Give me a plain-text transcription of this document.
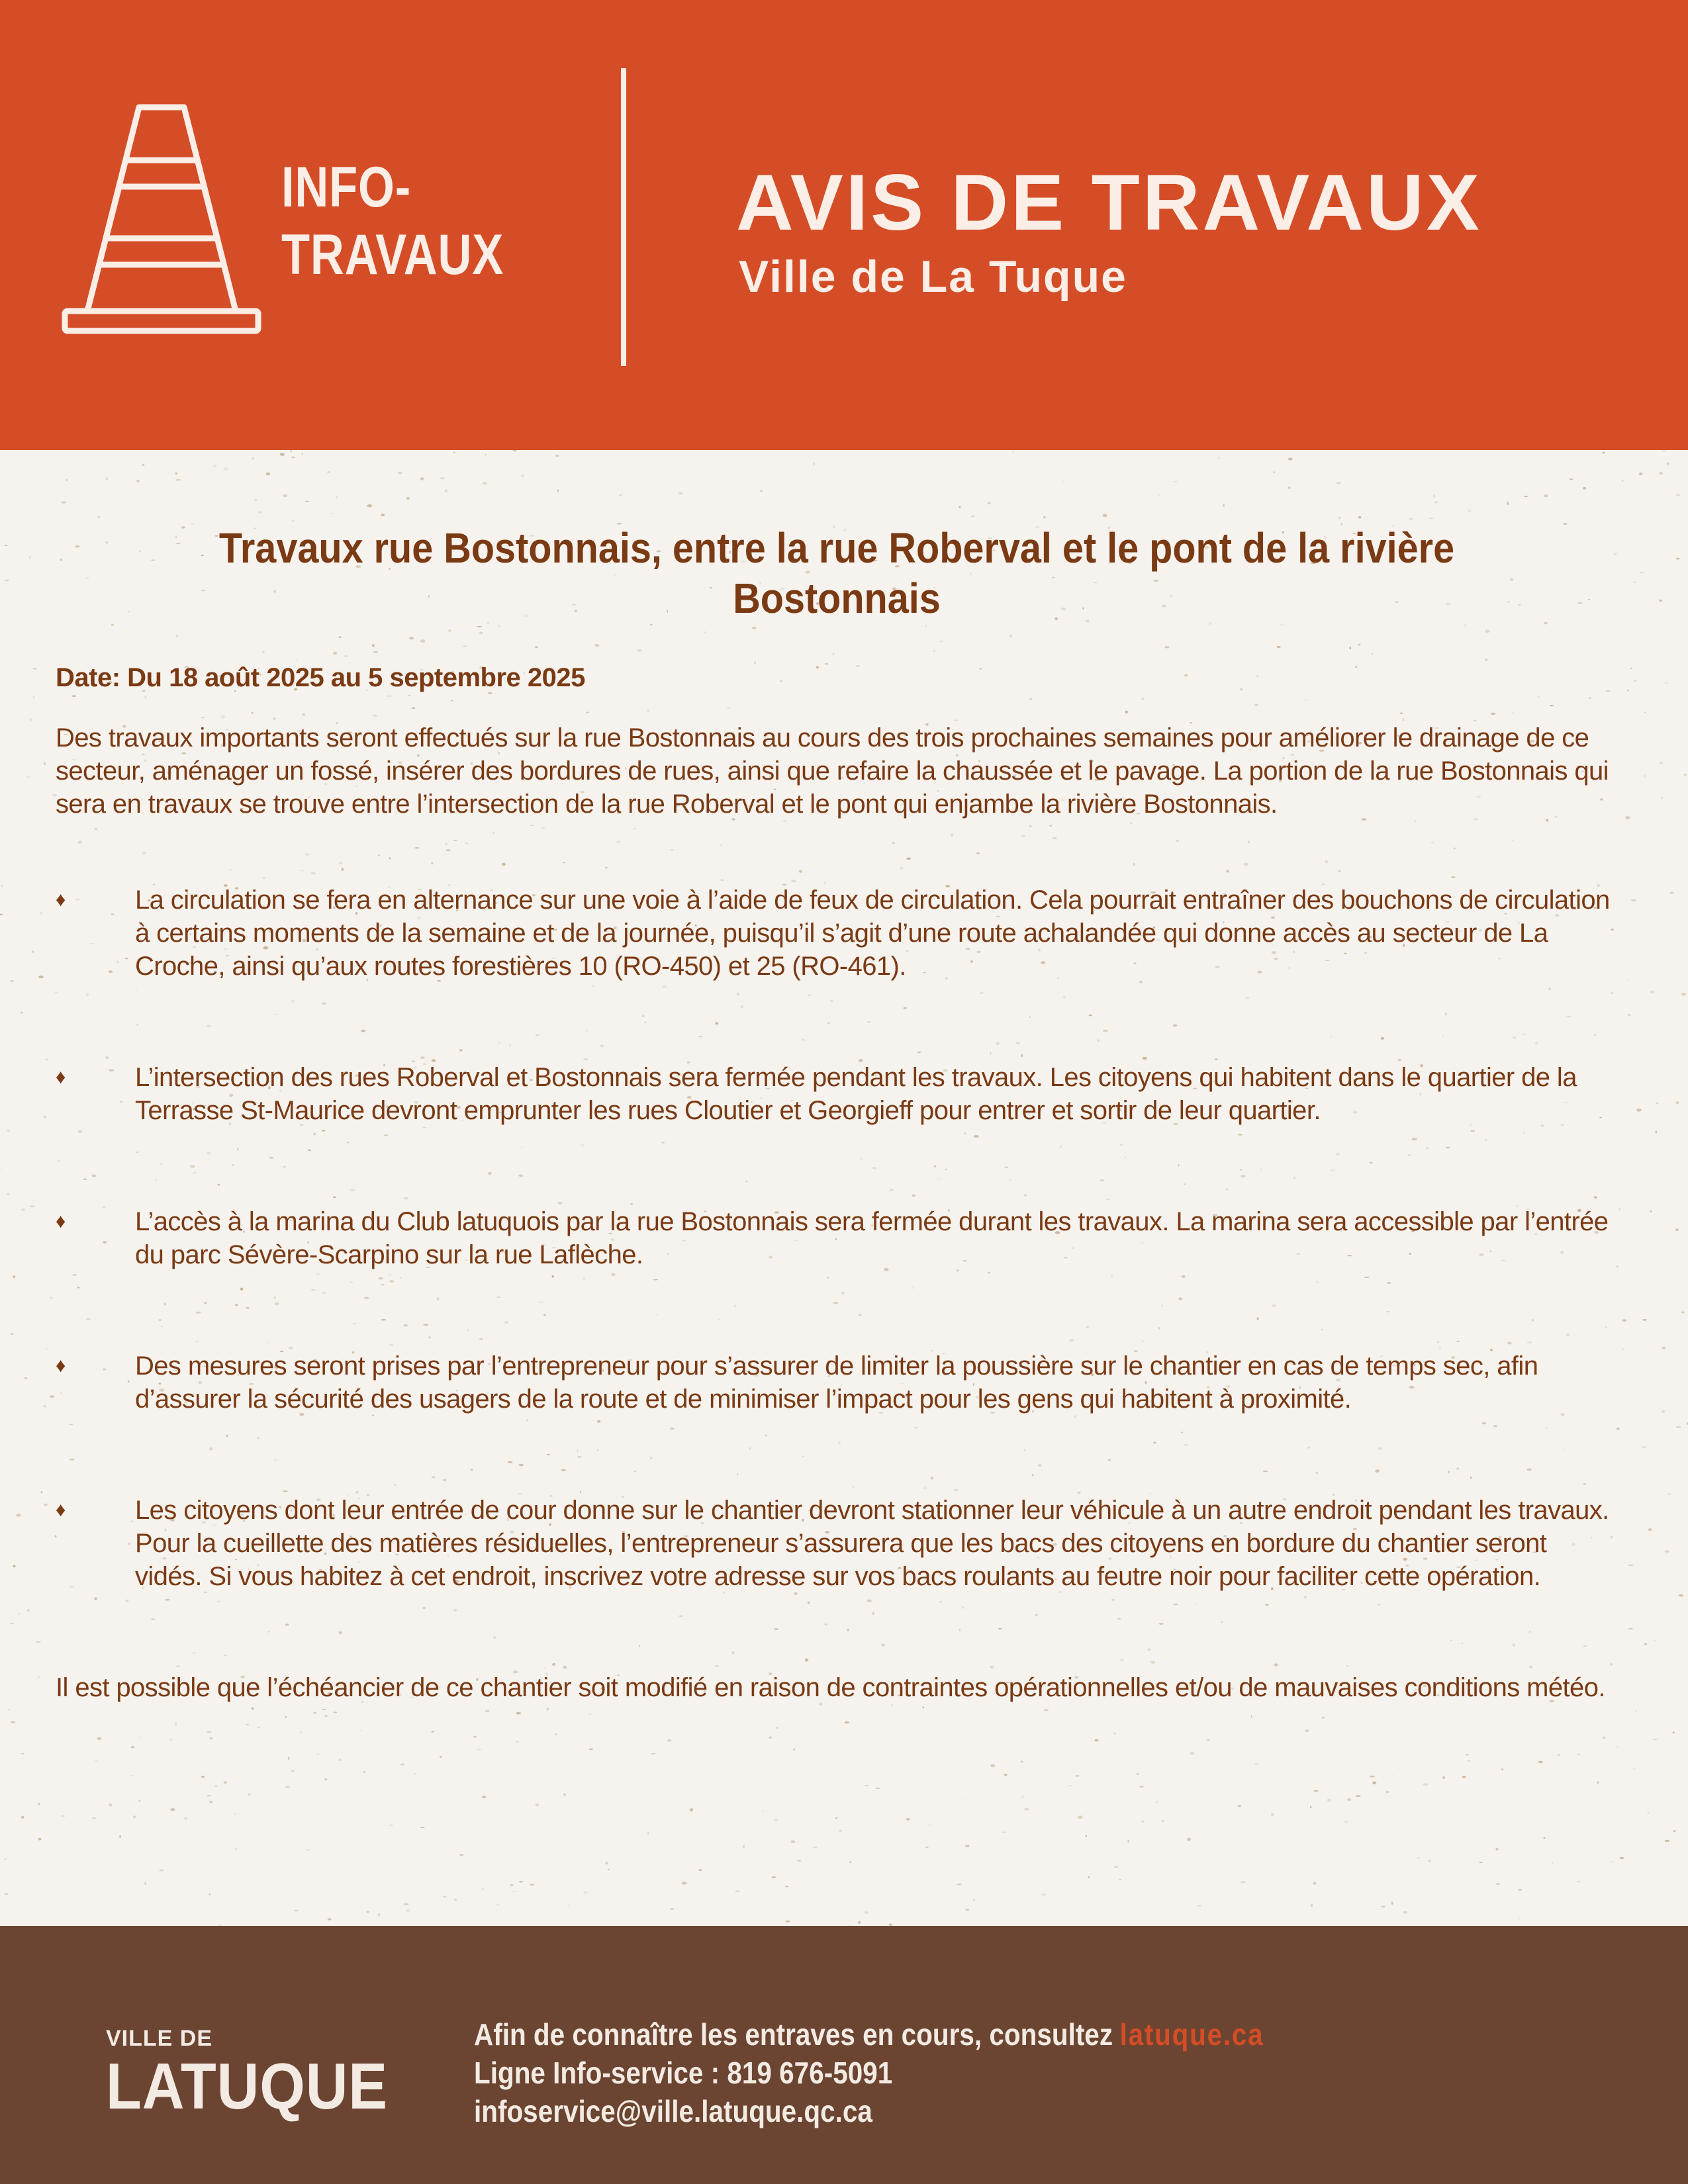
INFO-
TRAVAUX
AVIS DE TRAVAUX
Ville de La Tuque
Travaux rue Bostonnais, entre la rue Roberval et le pont de la rivière Bostonnais
Date: Du 18 août 2025 au 5 septembre 2025

Des travaux importants seront effectués sur la rue Bostonnais au cours des trois prochaines semaines pour améliorer le drainage de ce secteur, aménager un fossé, insérer des bordures de rues, ainsi que refaire la chaussée et le pavage. La portion de la rue Bostonnais qui sera en travaux se trouve entre l’intersection de la rue Roberval et le pont qui enjambe la rivière Bostonnais.

♦	La circulation se fera en alternance sur une voie à l’aide de feux de circulation. Cela pourrait entraîner des bouchons de circulation à certains moments de la semaine et de la journée, puisqu’il s’agit d’une route achalandée qui donne accès au secteur de La Croche, ainsi qu’aux routes forestières 10 (RO-450) et 25 (RO-461).
♦	L’intersection des rues Roberval et Bostonnais sera fermée pendant les travaux. Les citoyens qui habitent dans le quartier de la Terrasse St-Maurice devront emprunter les rues Cloutier et Georgieff pour entrer et sortir de leur quartier.
♦	L’accès à la marina du Club latuquois par la rue Bostonnais sera fermée durant les travaux. La marina sera accessible par l’entrée du parc Sévère-Scarpino sur la rue Laflèche.
♦	Des mesures seront prises par l’entrepreneur pour s’assurer de limiter la poussière sur le chantier en cas de temps sec, afin d’assurer la sécurité des usagers de la route et de minimiser l’impact pour les gens qui habitent à proximité.
♦	Les citoyens dont leur entrée de cour donne sur le chantier devront stationner leur véhicule à un autre endroit pendant les travaux. Pour la cueillette des matières résiduelles, l’entrepreneur s’assurera que les bacs des citoyens en bordure du chantier seront vidés. Si vous habitez à cet endroit, inscrivez votre adresse sur vos bacs roulants au feutre noir pour faciliter cette opération.

Il est possible que l’échéancier de ce chantier soit modifié en raison de contraintes opérationnelles et/ou de mauvaises conditions météo.

VILLE DE
LATUQUE
Afin de connaître les entraves en cours, consultez latuque.ca
Ligne Info-service : 819 676-5091
infoservice@ville.latuque.qc.ca
